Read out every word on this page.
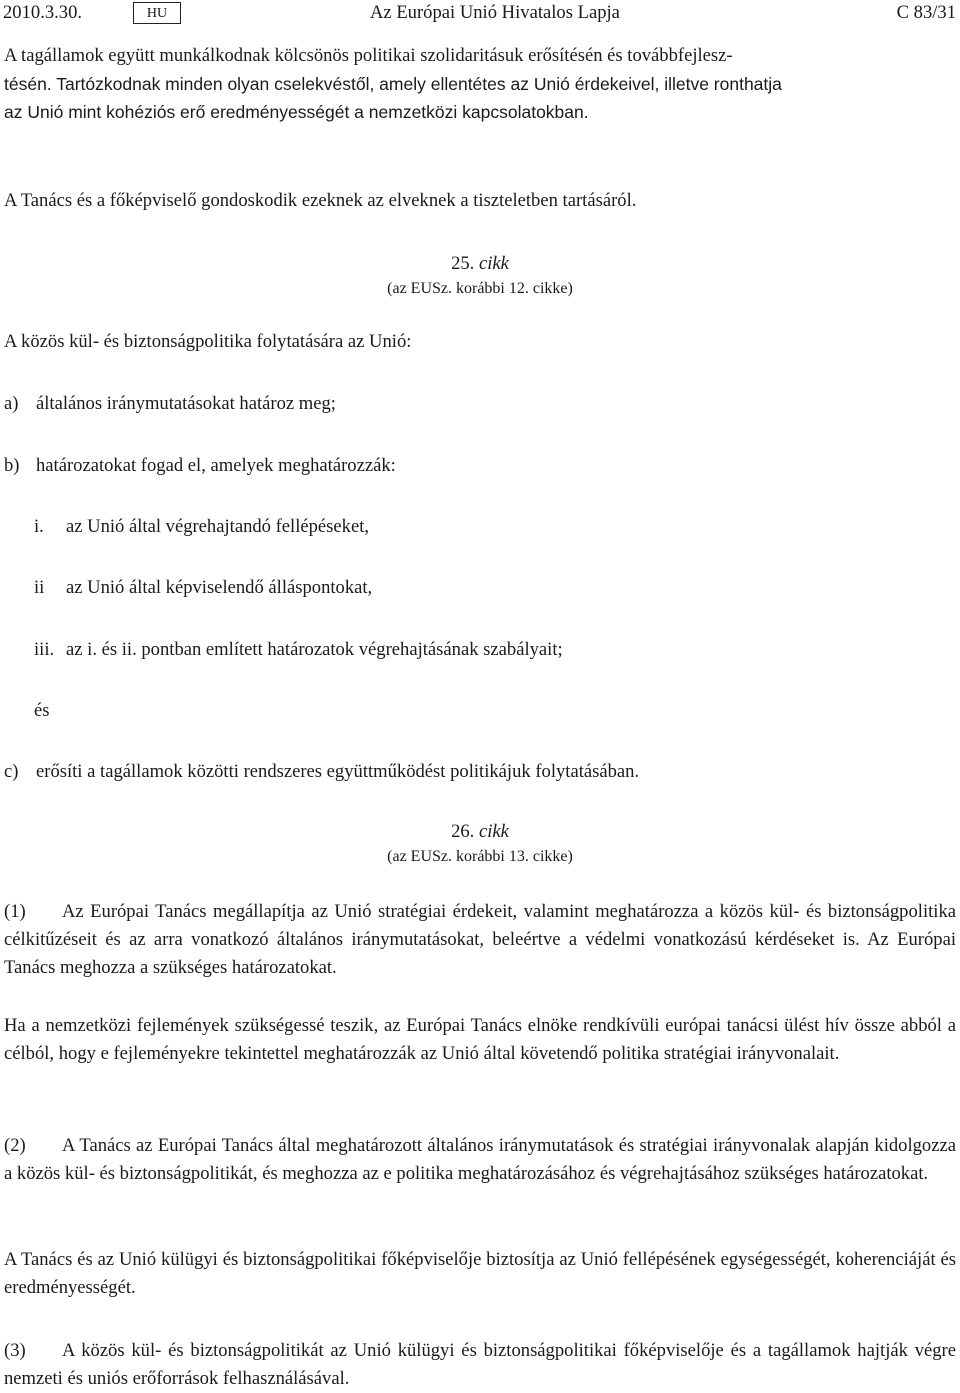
2010.3.30.	HU	Az Európai Unió Hivatalos Lapja	C 83/31
A tagállamok együtt munkálkodnak kölcsönös politikai szolidaritásuk erősítésén és továbbfejlesz-
tésén. Tartózkodnak minden olyan cselekvéstől, amely ellentétes az Unió érdekeivel, illetve ronthatja
az Unió mint kohéziós erő eredményességét a nemzetközi kapcsolatokban.
A Tanács és a főképviselő gondoskodik ezeknek az elveknek a tiszteletben tartásáról.
25. cikk
(az EUSz. korábbi 12. cikke)
A közös kül- és biztonságpolitika folytatására az Unió:
a) általános iránymutatásokat határoz meg;
b) határozatokat fogad el, amelyek meghatározzák:
i. az Unió által végrehajtandó fellépéseket,
ii az Unió által képviselendő álláspontokat,
iii. az i. és ii. pontban említett határozatok végrehajtásának szabályait;
és
c) erősíti a tagállamok közötti rendszeres együttműködést politikájuk folytatásában.
26. cikk
(az EUSz. korábbi 13. cikke)
(1) Az Európai Tanács megállapítja az Unió stratégiai érdekeit, valamint meghatározza a közös kül- és biztonságpolitika célkitűzéseit és az arra vonatkozó általános iránymutatásokat, beleértve a védelmi vonatkozású kérdéseket is. Az Európai Tanács meghozza a szükséges határozatokat.
Ha a nemzetközi fejlemények szükségessé teszik, az Európai Tanács elnöke rendkívüli európai tanácsi ülést hív össze abból a célból, hogy e fejleményekre tekintettel meghatározzák az Unió által követendő politika stratégiai irányvonalait.
(2) A Tanács az Európai Tanács által meghatározott általános iránymutatások és stratégiai irányvonalak alapján kidolgozza a közös kül- és biztonságpolitikát, és meghozza az e politika meghatározásához és végrehajtásához szükséges határozatokat.
A Tanács és az Unió külügyi és biztonságpolitikai főképviselője biztosítja az Unió fellépésének egységességét, koherenciáját és eredményességét.
(3) A közös kül- és biztonságpolitikát az Unió külügyi és biztonságpolitikai főképviselője és a tagállamok hajtják végre nemzeti és uniós erőforrások felhasználásával.
